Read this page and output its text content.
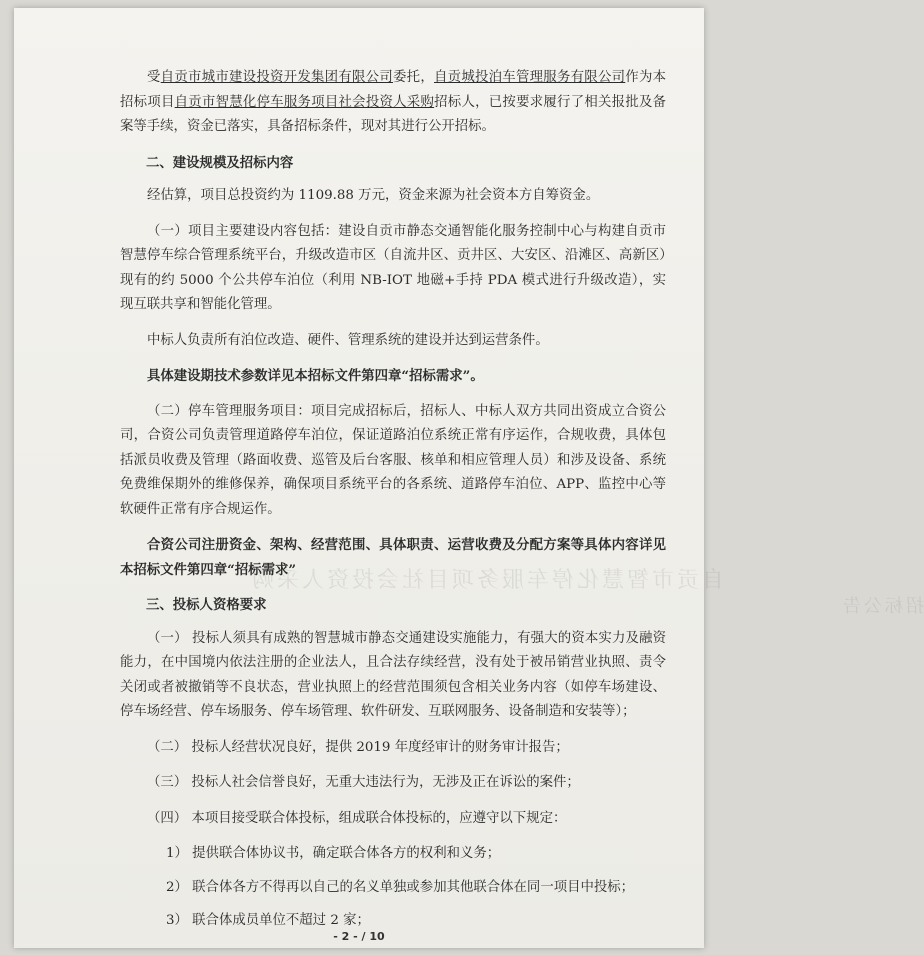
自贡市智慧化停车服务项目社会投资人采购
招标公告

受自贡市城市建设投资开发集团有限公司委托，自贡城投泊车管理服务有限公司作为本招标项目自贡市智慧化停车服务项目社会投资人采购招标人，已按要求履行了相关报批及备案等手续，资金已落实，具备招标条件，现对其进行公开招标。

二、建设规模及招标内容

经估算，项目总投资约为 1109.88 万元，资金来源为社会资本方自筹资金。

（一）项目主要建设内容包括：建设自贡市静态交通智能化服务控制中心与构建自贡市智慧停车综合管理系统平台，升级改造市区（自流井区、贡井区、大安区、沿滩区、高新区）现有的约 5000 个公共停车泊位（利用 NB-IOT 地磁+手持 PDA 模式进行升级改造），实现互联共享和智能化管理。

中标人负责所有泊位改造、硬件、管理系统的建设并达到运营条件。

具体建设期技术参数详见本招标文件第四章“招标需求”。

（二）停车管理服务项目：项目完成招标后，招标人、中标人双方共同出资成立合资公司，合资公司负责管理道路停车泊位，保证道路泊位系统正常有序运作，合规收费，具体包括派员收费及管理（路面收费、巡管及后台客服、核单和相应管理人员）和涉及设备、系统免费维保期外的维修保养，确保项目系统平台的各系统、道路停车泊位、APP、监控中心等软硬件正常有序合规运作。

合资公司注册资金、架构、经营范围、具体职责、运营收费及分配方案等具体内容详见本招标文件第四章“招标需求”

三、投标人资格要求

（一） 投标人须具有成熟的智慧城市静态交通建设实施能力，有强大的资本实力及融资能力，在中国境内依法注册的企业法人，且合法存续经营，没有处于被吊销营业执照、责令关闭或者被撤销等不良状态，营业执照上的经营范围须包含相关业务内容（如停车场建设、停车场经营、停车场服务、停车场管理、软件研发、互联网服务、设备制造和安装等）；

（二） 投标人经营状况良好，提供 2019 年度经审计的财务审计报告；

（三） 投标人社会信誉良好，无重大违法行为，无涉及正在诉讼的案件；

（四） 本项目接受联合体投标，组成联合体投标的，应遵守以下规定：

1） 提供联合体协议书，确定联合体各方的权利和义务；

2） 联合体各方不得再以自己的名义单独或参加其他联合体在同一项目中投标；

3） 联合体成员单位不超过 2 家；

- 2 - / 10
